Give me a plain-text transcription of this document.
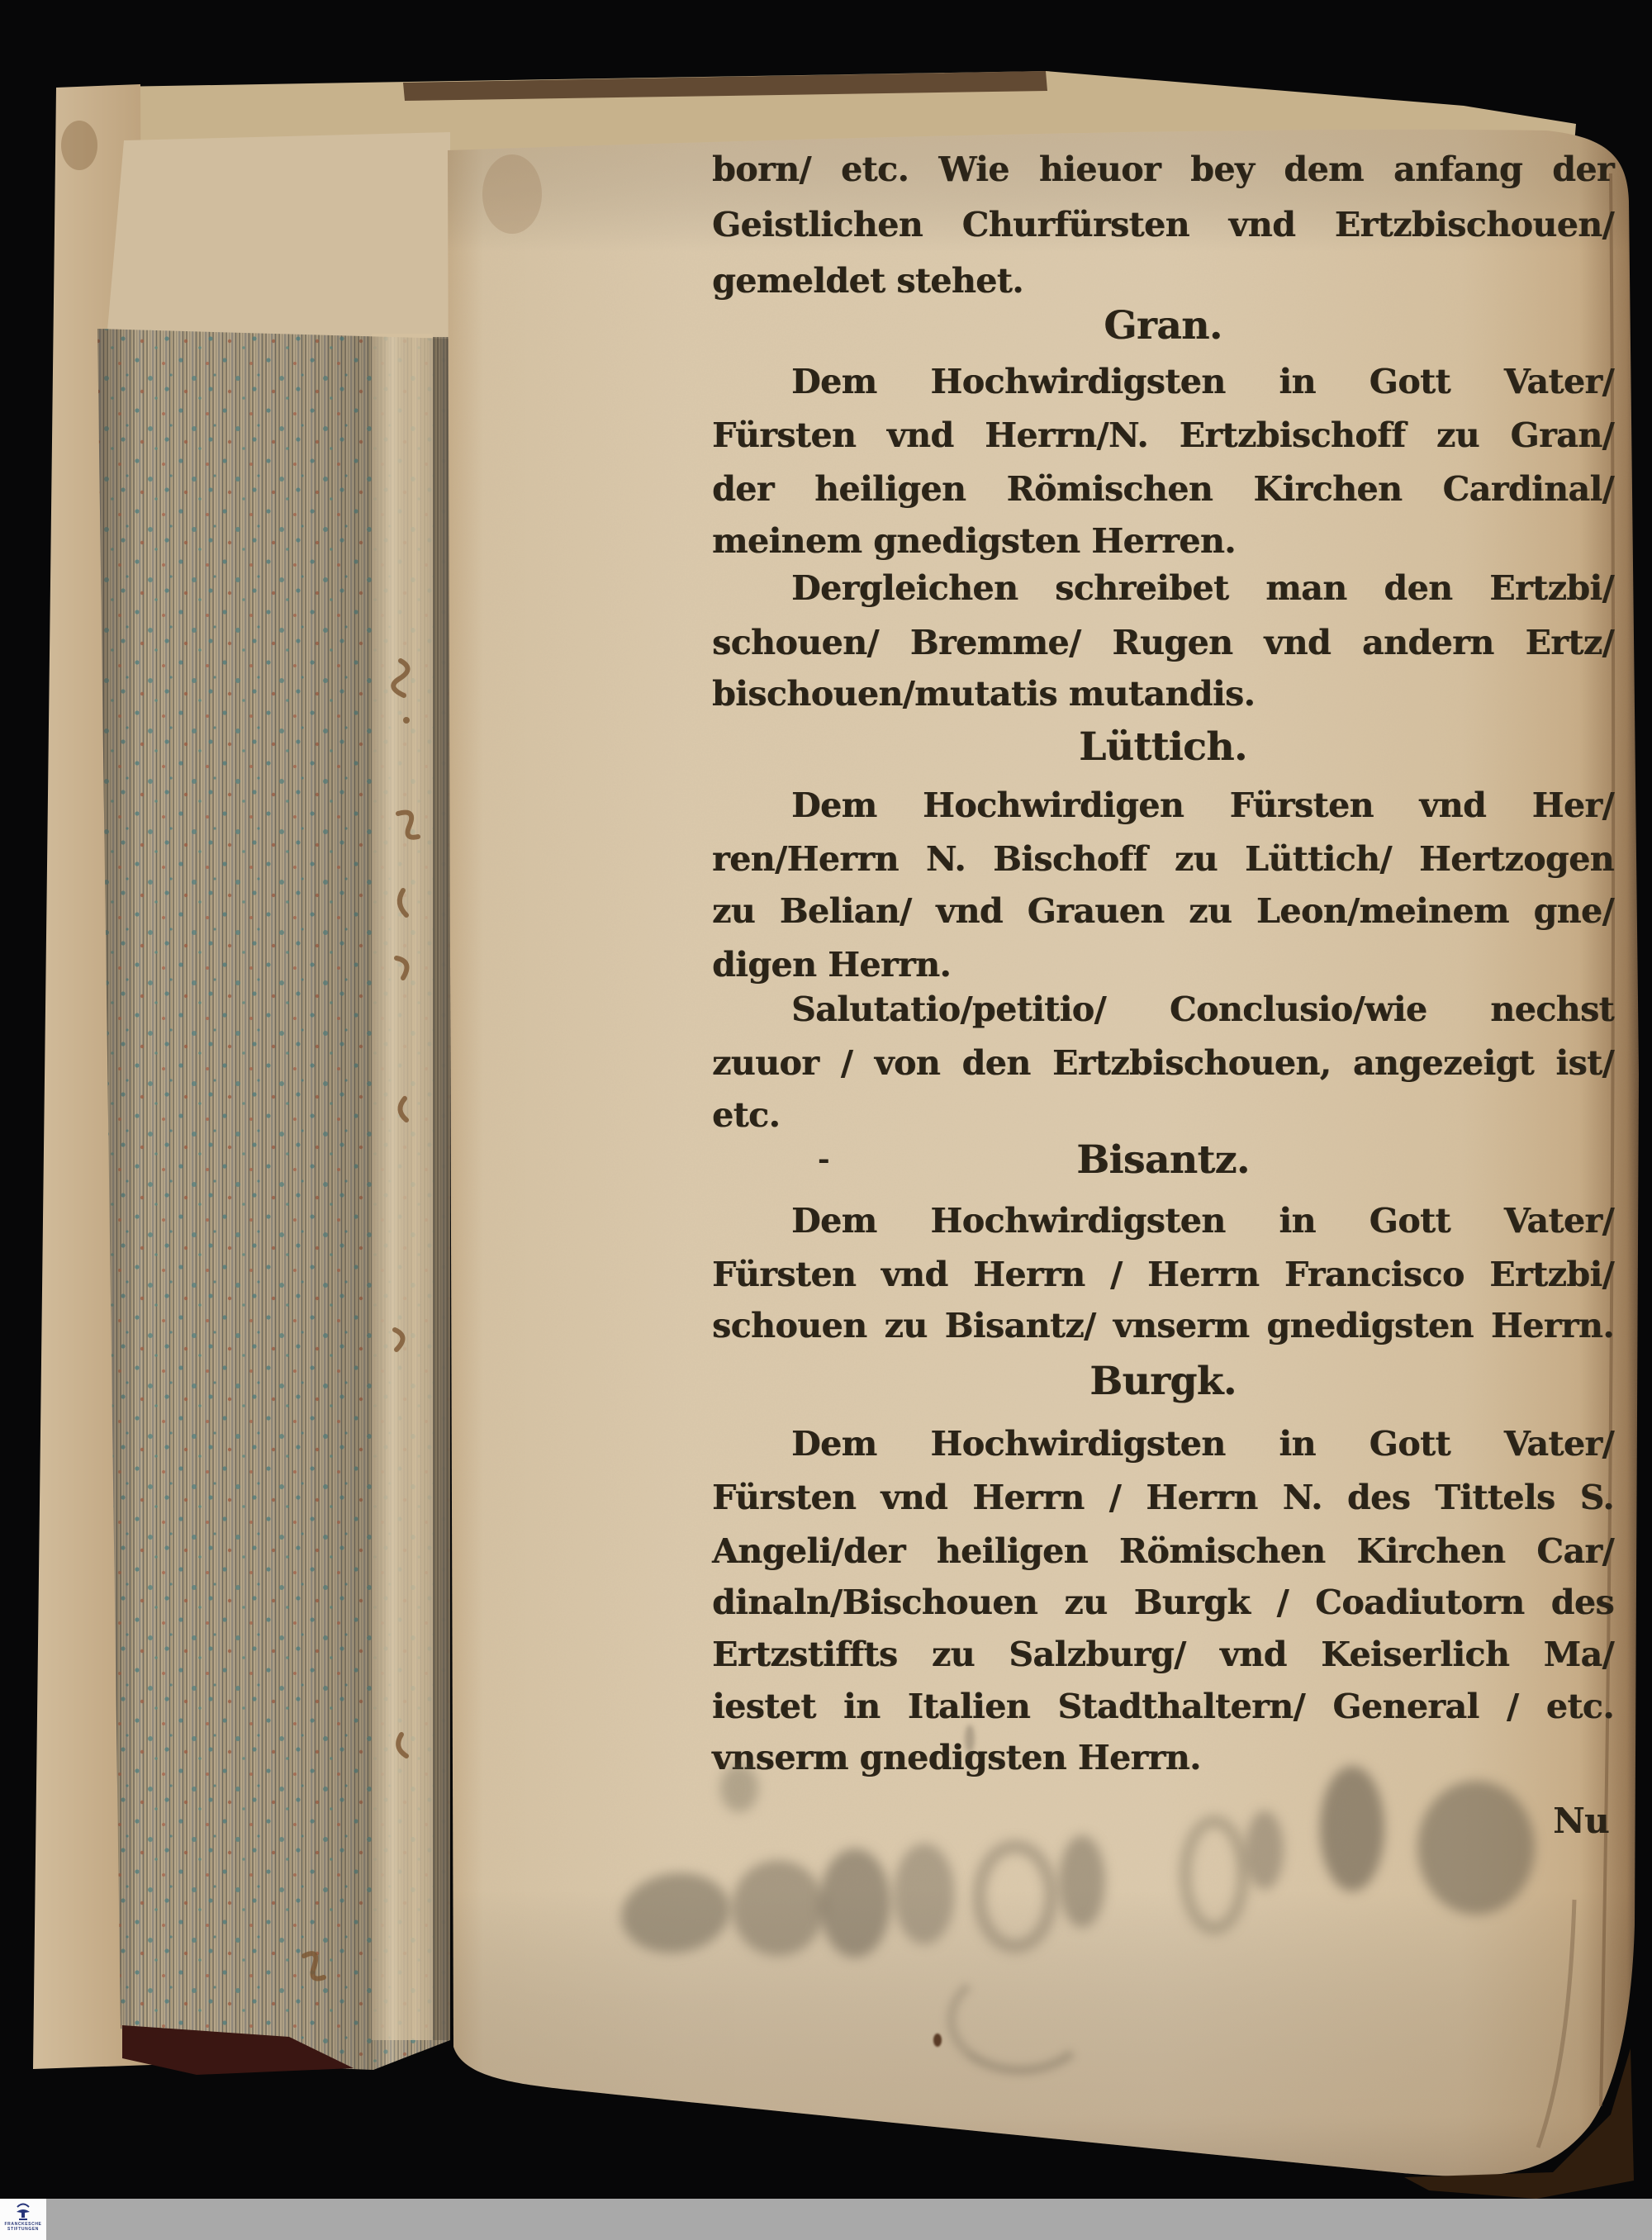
born/ etc. Wie hieuor bey dem anfang der
Geistlichen Churfürsten vnd Ertzbischouen/
gemeldet stehet.
Gran.
Dem Hochwirdigsten in Gott Vater/
Fürsten vnd Herrn/N. Ertzbischoff zu Gran/
der heiligen Römischen Kirchen Cardinal/
meinem gnedigsten Herren.
Dergleichen schreibet man den Ertzbi/
schouen/ Bremme/ Rugen vnd andern Ertz/
bischouen/mutatis mutandis.
Lüttich.
Dem Hochwirdigen Fürsten vnd Her/
ren/Herrn N. Bischoff zu Lüttich/ Hertzogen
zu Belian/ vnd Grauen zu Leon/meinem gne/
digen Herrn.
Salutatio/petitio/ Conclusio/wie nechst
zuuor / von den Ertzbischouen, angezeigt ist/
etc.
-	Bisantz.
Dem Hochwirdigsten in Gott Vater/
Fürsten vnd Herrn / Herrn Francisco Ertzbi/
schouen zu Bisantz/ vnserm gnedigsten Herrn.
Burgk.
Dem Hochwirdigsten in Gott Vater/
Fürsten vnd Herrn / Herrn N. des Tittels S.
Angeli/der heiligen Römischen Kirchen Car/
dinaln/Bischouen zu Burgk / Coadiutorn des
Ertzstiffts zu Salzburg/ vnd Keiserlich Ma/
iestet in Italien Stadthaltern/ General / etc.
vnserm gnedigsten Herrn.
Nu
FRANCKESCHE
STIFTUNGEN
